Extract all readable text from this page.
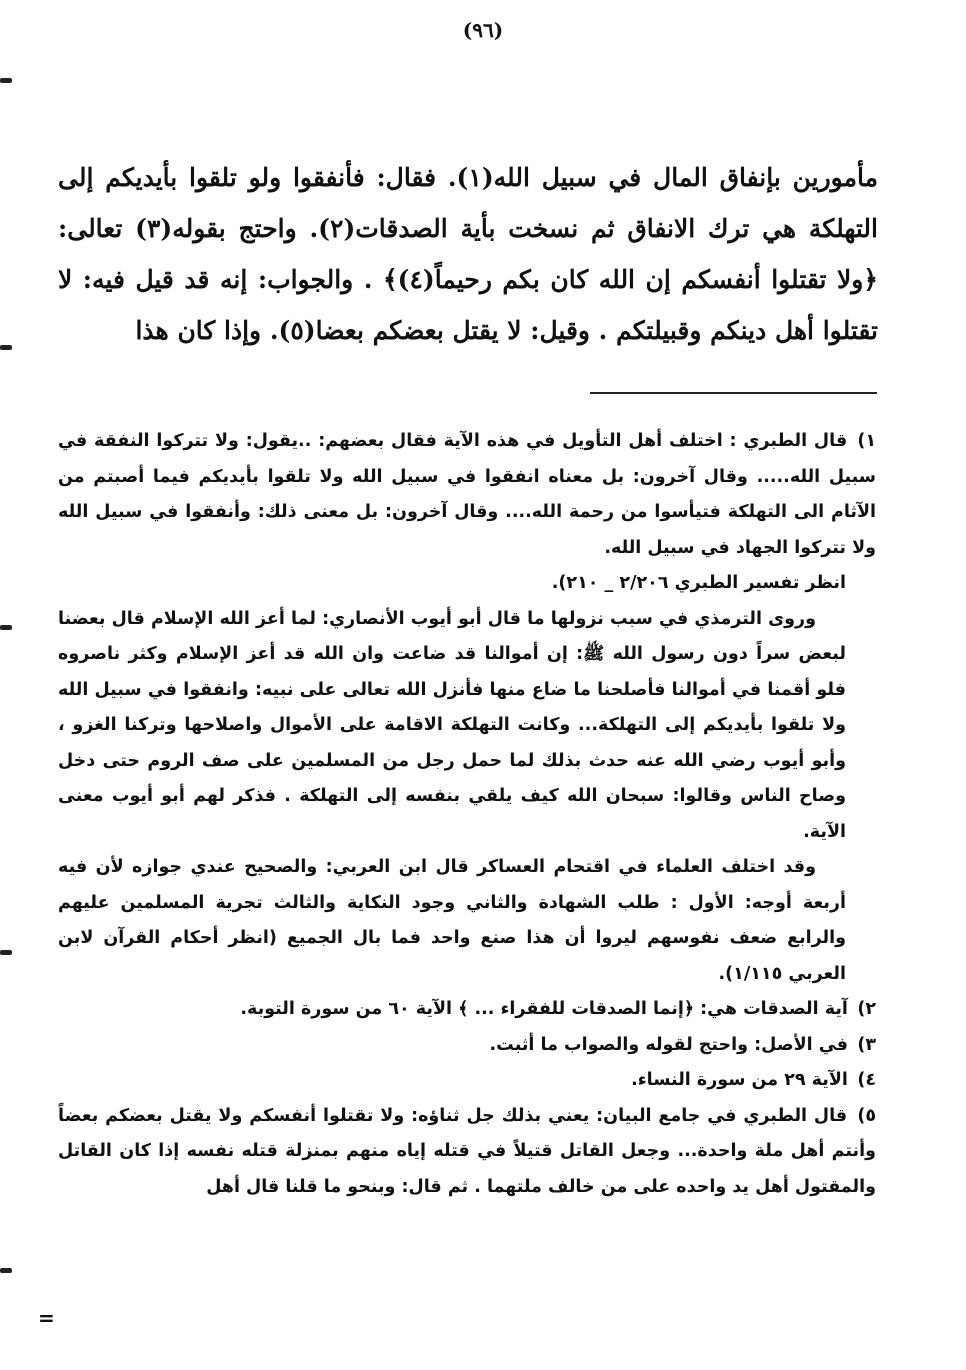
(٩٦)
مأمورين بإنفاق المال في سبيل الله(١). فقال: فأنفقوا ولو تلقوا بأيديكم إلى التهلكة هي ترك الانفاق ثم نسخت بأية الصدقات(٢). واحتج بقوله(٣) تعالى: ﴿ولا تقتلوا أنفسكم إن الله كان بكم رحيماً(٤)﴾ . والجواب: إنه قد قيل فيه: لا تقتلوا أهل دينكم وقبيلتكم . وقيل: لا يقتل بعضكم بعضا(٥). وإذا كان هذا
١) قال الطبري : اختلف أهل التأويل في هذه الآية فقال بعضهم: ..يقول: ولا تتركوا النفقة في سبيل الله..... وقال آخرون: بل معناه انفقوا في سبيل الله ولا تلقوا بأيديكم فيما أصبتم من الآثام الى التهلكة فتيأسوا من رحمة الله.... وقال آخرون: بل معنى ذلك: وأنفقوا في سبيل الله ولا تتركوا الجهاد في سبيل الله.
انظر تفسير الطبري ٢/٢٠٦ _ ٢١٠).
وروى الترمذي في سبب نزولها ما قال أبو أيوب الأنصاري: لما أعز الله الإسلام قال بعضنا لبعض سراً دون رسول الله ﷺ: إن أموالنا قد ضاعت وان الله قد أعز الإسلام وكثر ناصروه فلو أقمنا في أموالنا فأصلحنا ما ضاع منها فأنزل الله تعالى على نبيه: وانفقوا في سبيل الله ولا تلقوا بأيديكم إلى التهلكة... وكانت التهلكة الاقامة على الأموال واصلاحها وتركنا الغزو ، وأبو أيوب رضي الله عنه حدث بذلك لما حمل رجل من المسلمين على صف الروم حتى دخل وصاح الناس وقالوا: سبحان الله كيف يلقي بنفسه إلى التهلكة . فذكر لهم أبو أيوب معنى الآية.
وقد اختلف العلماء في اقتحام العساكر قال ابن العربي: والصحيح عندي جوازه لأن فيه أربعة أوجه: الأول : طلب الشهادة والثاني وجود النكاية والثالث تجرية المسلمين عليهم والرابع ضعف نفوسهم ليروا أن هذا صنع واحد فما بال الجميع (انظر أحكام القرآن لابن العربي ١/١١٥).
٢) آية الصدقات هي: ﴿إنما الصدقات للفقراء ... ﴾ الآية ٦٠ من سورة التوبة.
٣) في الأصل: واحتج لقوله والصواب ما أثبت.
٤) الآية ٢٩ من سورة النساء.
٥) قال الطبري في جامع البيان: يعني بذلك جل ثناؤه: ولا تقتلوا أنفسكم ولا يقتل بعضكم بعضاً وأنتم أهل ملة واحدة... وجعل القاتل قتيلاً في قتله إياه منهم بمنزلة قتله نفسه إذا كان القاتل والمقتول أهل يد واحده على من خالف ملتهما . ثم قال: وبنحو ما قلنا قال أهل
=
